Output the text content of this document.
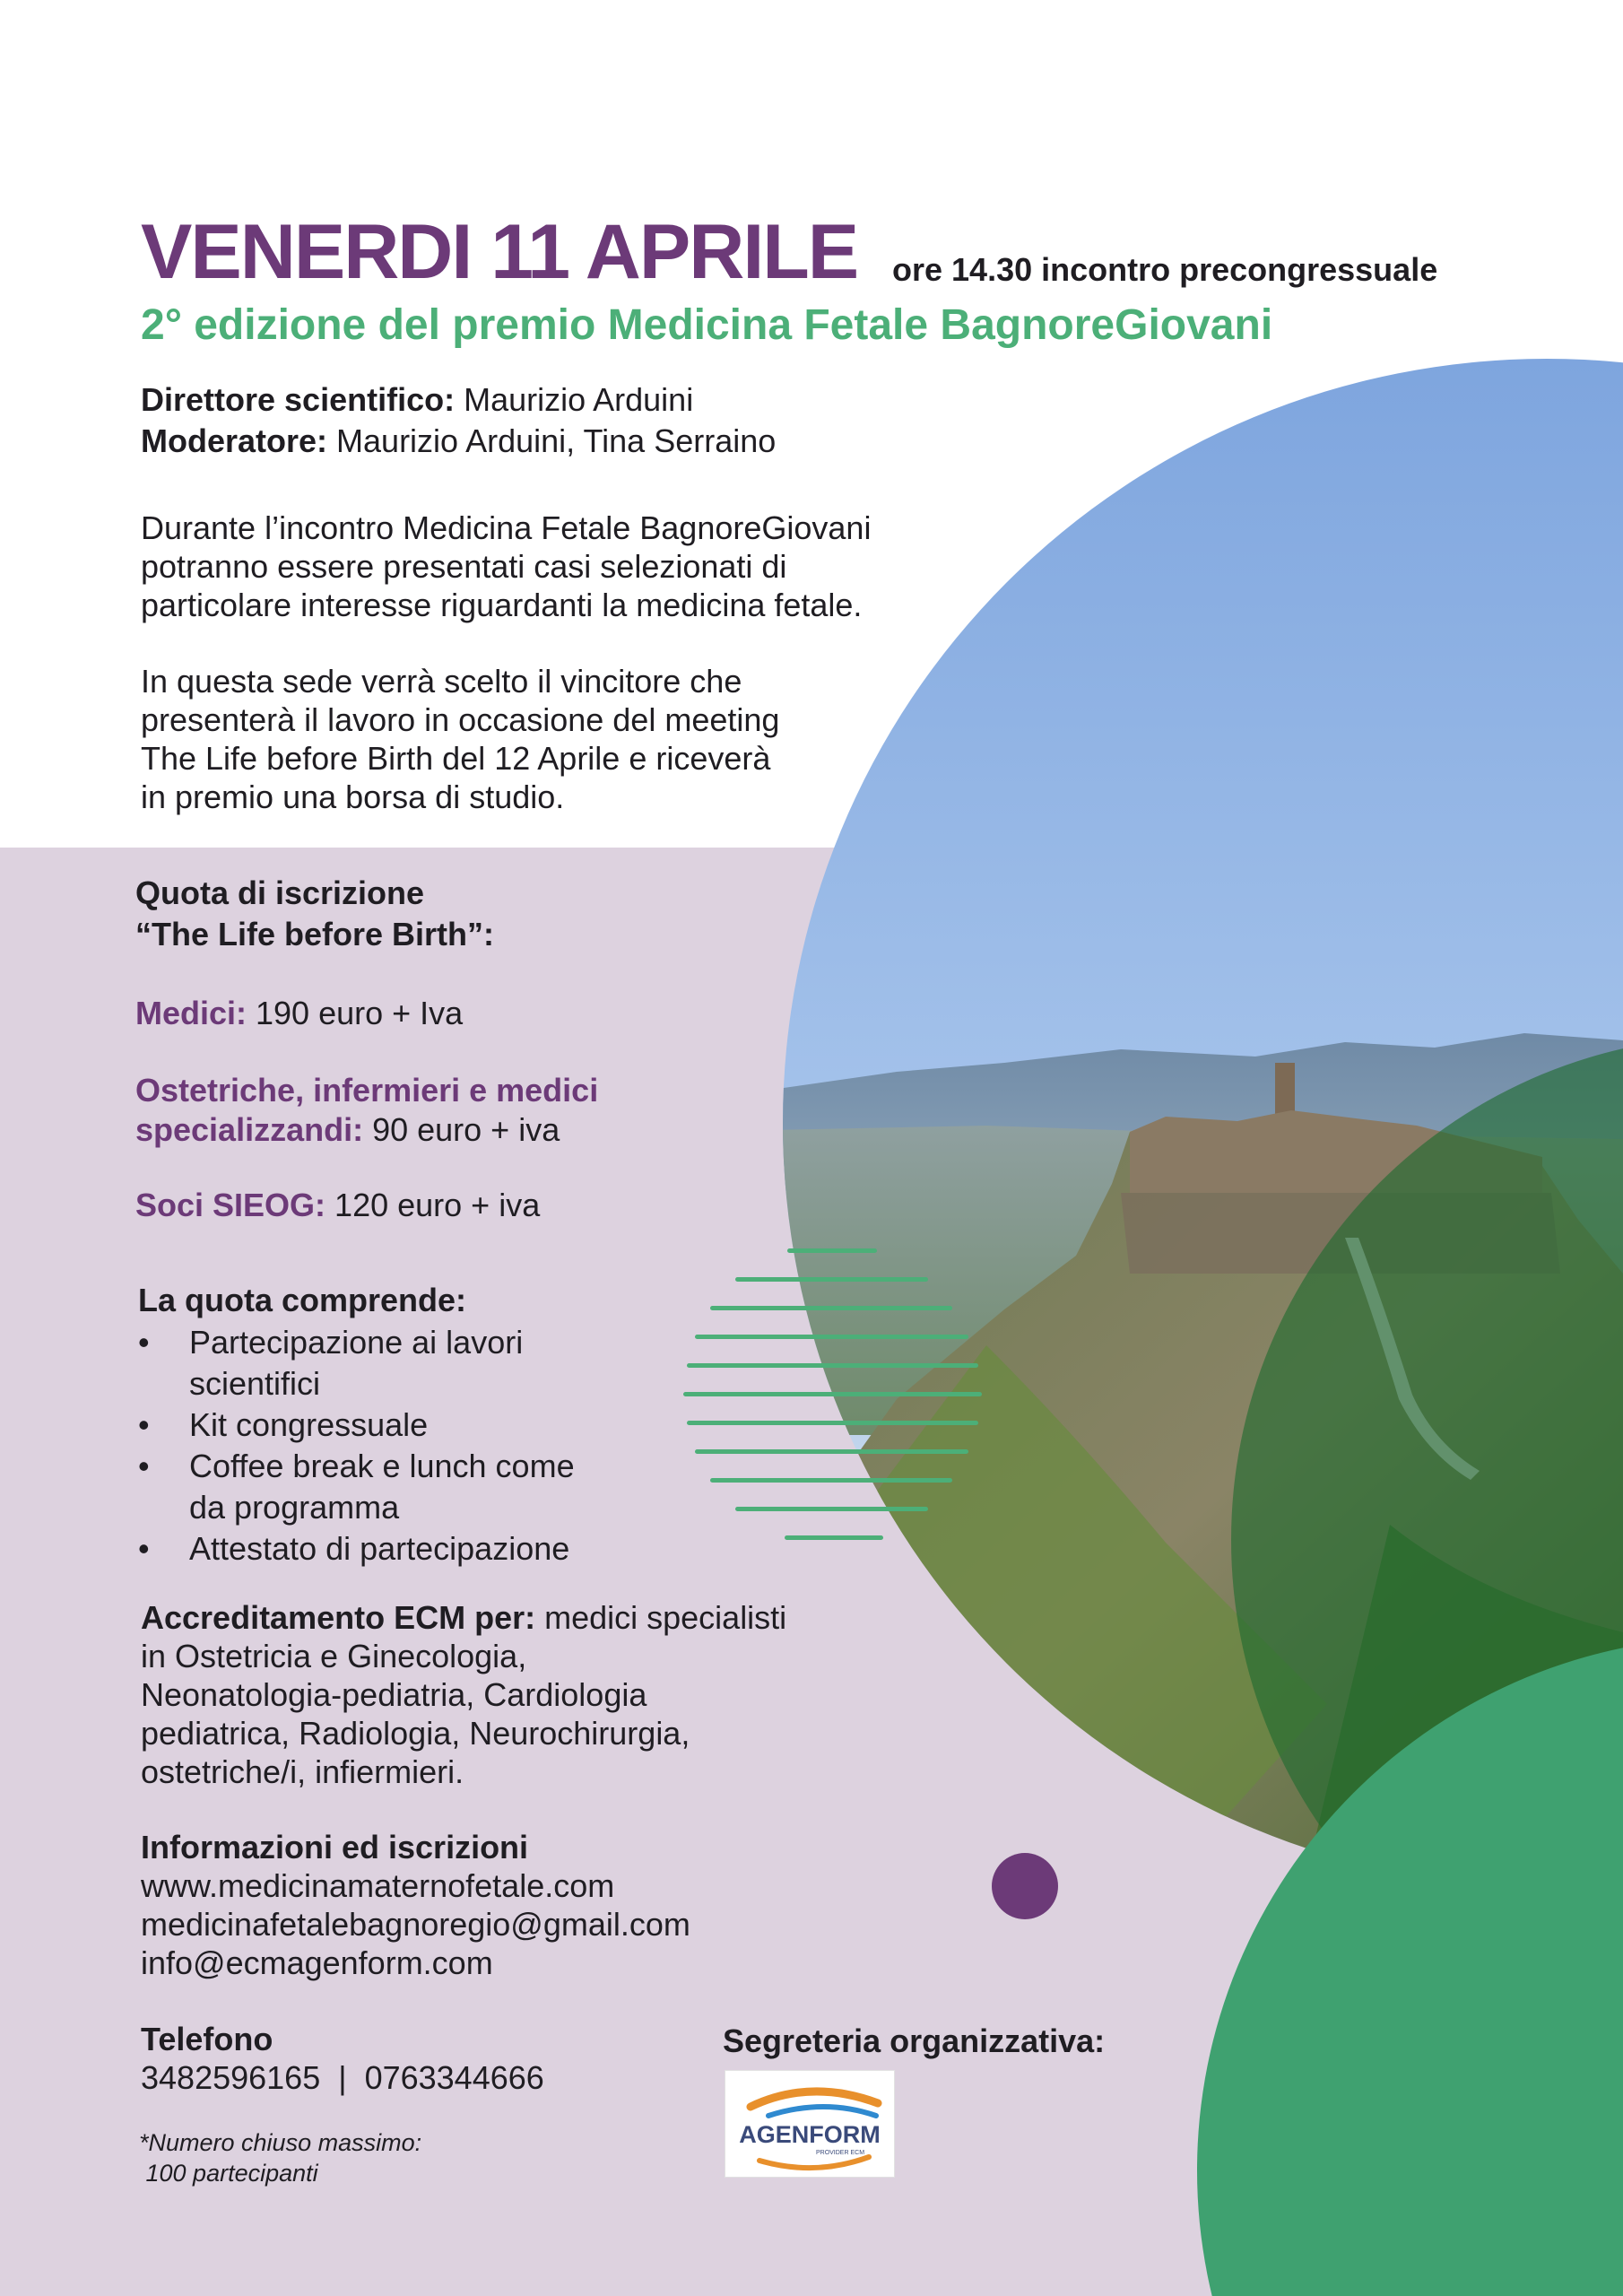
VENERDI 11 APRILE ore 14.30 incontro precongressuale
2° edizione del premio Medicina Fetale BagnoreGiovani
Direttore scientifico: Maurizio Arduini
Moderatore: Maurizio Arduini, Tina Serraino
Durante l’incontro Medicina Fetale BagnoreGiovani
potranno essere presentati casi selezionati di
particolare interesse riguardanti la medicina fetale.
In questa sede verrà scelto il vincitore che
presenterà il lavoro in occasione del meeting
The Life before Birth del 12 Aprile e riceverà
in premio una borsa di studio.
Quota di iscrizione
“The Life before Birth”:
Medici: 190 euro + Iva
Ostetriche, infermieri e medici
specializzandi: 90 euro + iva
Soci SIEOG: 120 euro + iva
La quota comprende:
• Partecipazione ai lavori
scientifici
• Kit congressuale
• Coffee break e lunch come
da programma
• Attestato di partecipazione
Accreditamento ECM per: medici specialisti
in Ostetricia e Ginecologia,
Neonatologia-pediatria, Cardiologia
pediatrica, Radiologia, Neurochirurgia,
ostetriche/i, infiermieri.
Informazioni ed iscrizioni
www.medicinamaternofetale.com
medicinafetalebagnoregio@gmail.com
info@ecmagenform.com
Telefono
3482596165  |  0763344666
*Numero chiuso massimo:
100 partecipanti
Segreteria organizzativa:
AGENFORM
PROVIDER ECM
